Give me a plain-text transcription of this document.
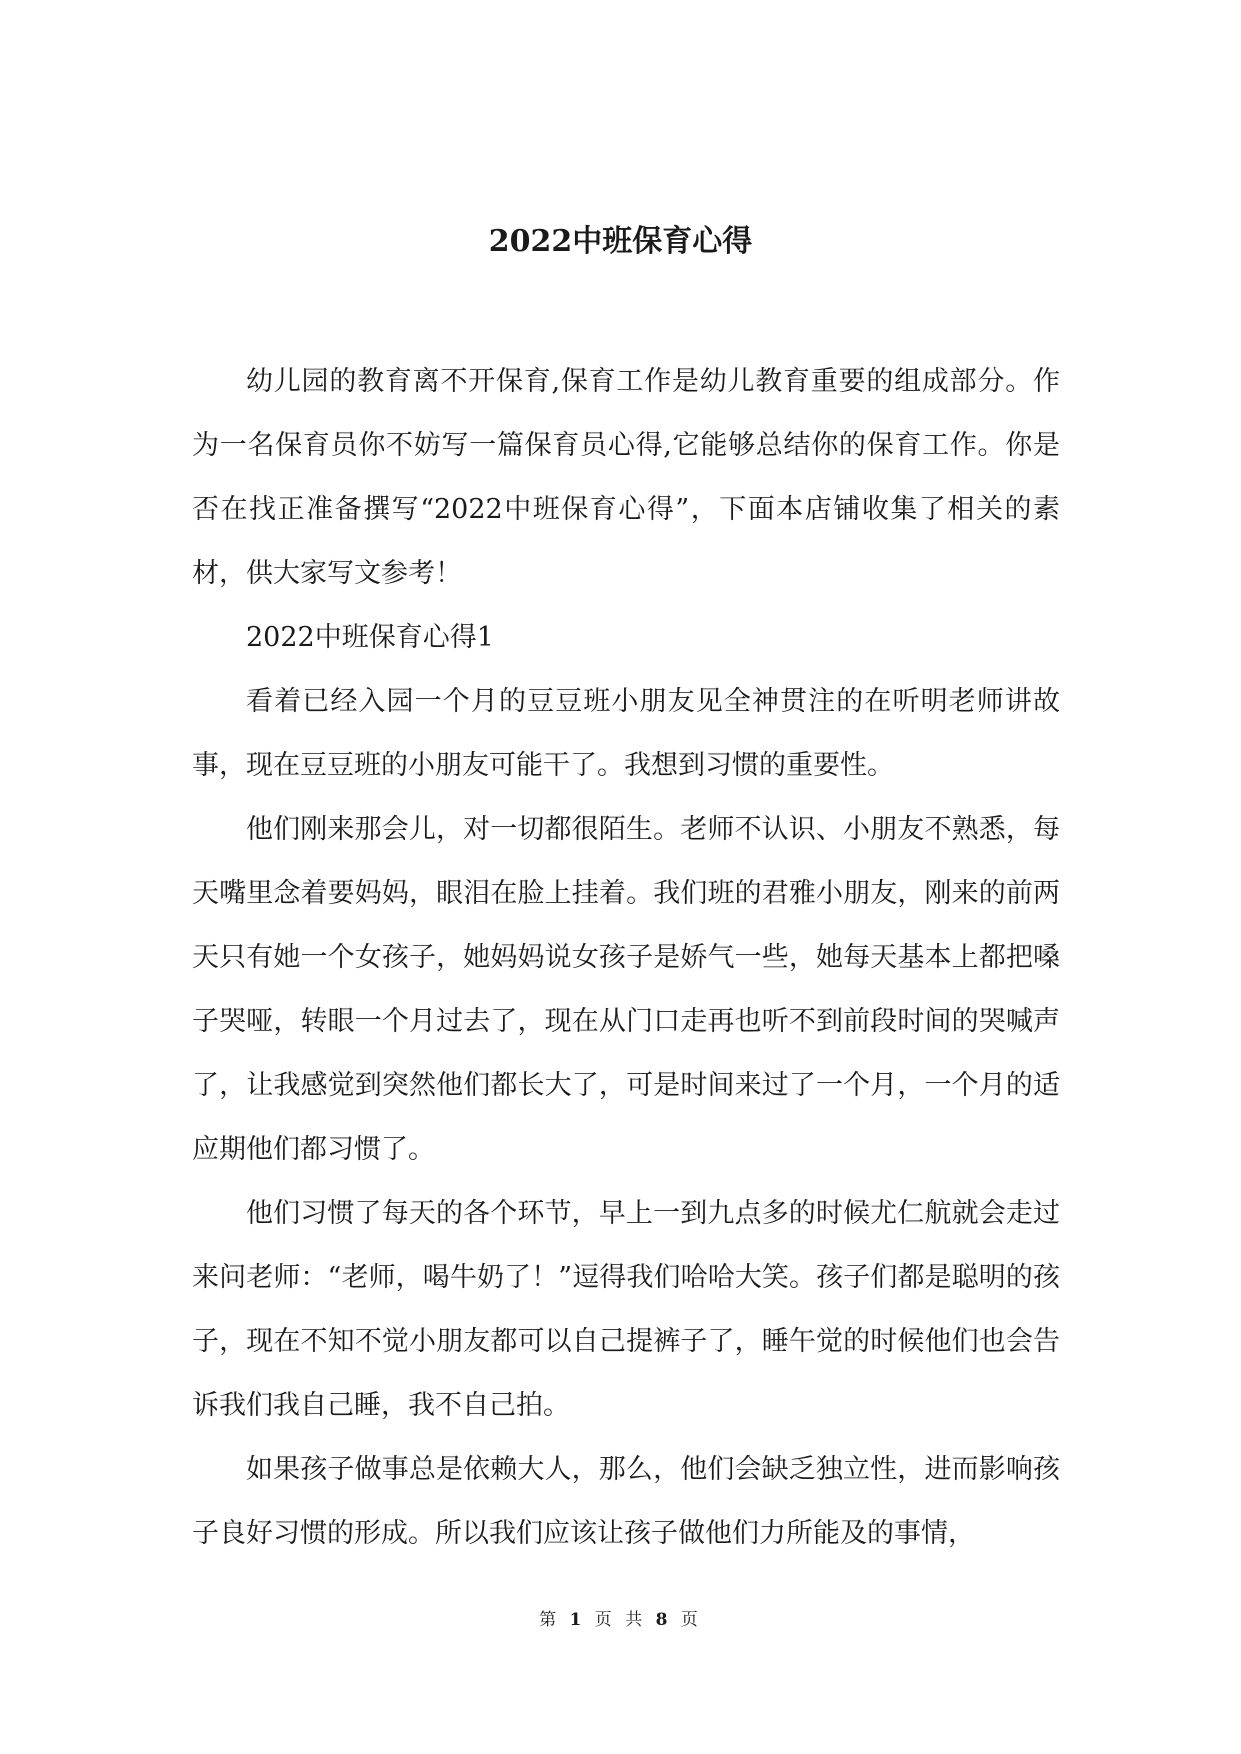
2022中班保育心得

幼儿园的教育离不开保育,保育工作是幼儿教育重要的组成部分。作为一名保育员你不妨写一篇保育员心得,它能够总结你的保育工作。你是否在找正准备撰写“2022中班保育心得”，下面本店铺收集了相关的素材，供大家写文参考！

2022中班保育心得1

看着已经入园一个月的豆豆班小朋友见全神贯注的在听明老师讲故事，现在豆豆班的小朋友可能干了。我想到习惯的重要性。

他们刚来那会儿，对一切都很陌生。老师不认识、小朋友不熟悉，每天嘴里念着要妈妈，眼泪在脸上挂着。我们班的君雅小朋友，刚来的前两天只有她一个女孩子，她妈妈说女孩子是娇气一些，她每天基本上都把嗓子哭哑，转眼一个月过去了，现在从门口走再也听不到前段时间的哭喊声了，让我感觉到突然他们都长大了，可是时间来过了一个月，一个月的适应期他们都习惯了。

他们习惯了每天的各个环节，早上一到九点多的时候尤仁航就会走过来问老师：“老师，喝牛奶了！”逗得我们哈哈大笑。孩子们都是聪明的孩子，现在不知不觉小朋友都可以自己提裤子了，睡午觉的时候他们也会告诉我们我自己睡，我不自己拍。

如果孩子做事总是依赖大人，那么，他们会缺乏独立性，进而影响孩子良好习惯的形成。所以我们应该让孩子做他们力所能及的事情，

第 1 页 共 8 页
